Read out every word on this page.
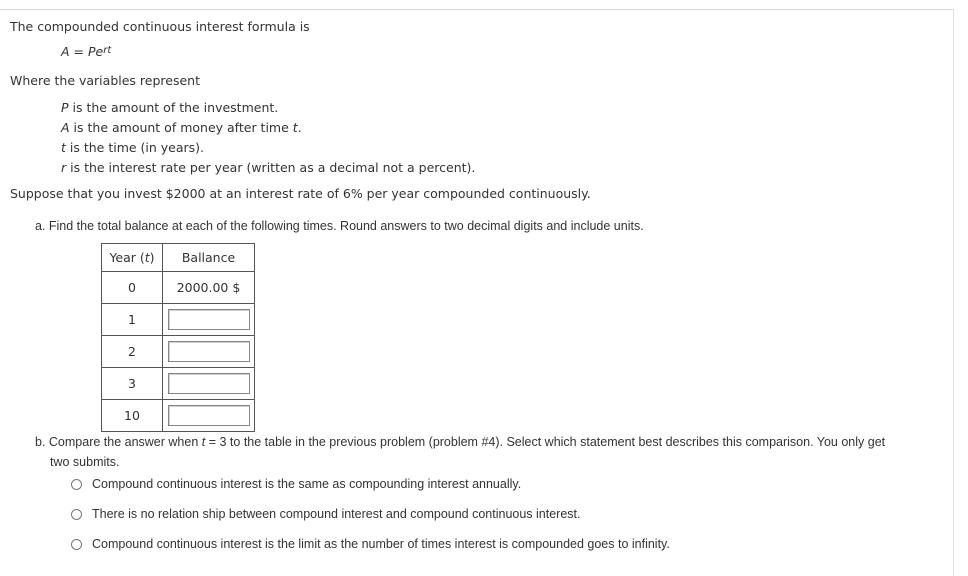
The compounded continuous interest formula is
$A = Pe^{rt}$
Where the variables represent
P is the amount of the investment.
A is the amount of money after time t.
t is the time (in years).
r is the interest rate per year (written as a decimal not a percent).
Suppose that you invest $2000 at an interest rate of 6% per year compounded continuously.
a. Find the total balance at each of the following times. Round answers to two decimal digits and include units.
Year (t)	Ballance
0	2000.00 $
1	
2	
3	
10	
b. Compare the answer when t = 3 to the table in the previous problem (problem #4). Select which statement best describes this comparison. You only get
two submits.
Compound continuous interest is the same as compounding interest annually.
There is no relation ship between compound interest and compound continuous interest.
Compound continuous interest is the limit as the number of times interest is compounded goes to infinity.
